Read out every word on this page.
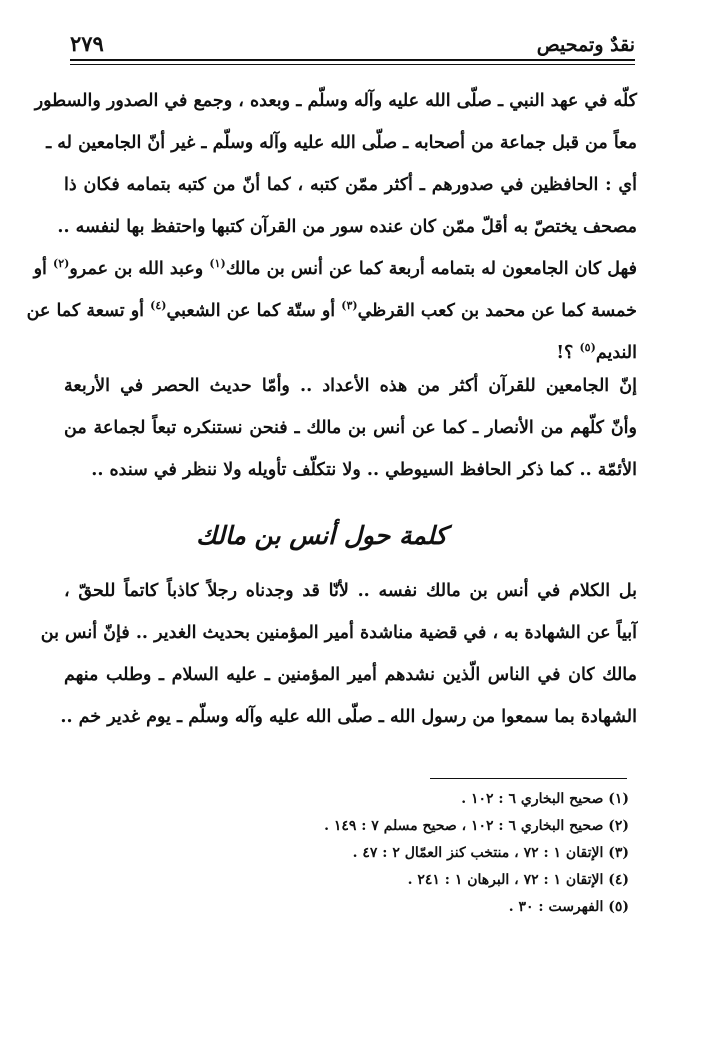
نقدٌ وتمحيص
٢٧٩
كلّه في عهد النبي ـ صلّى الله عليه وآله وسلّم ـ وبعده ، وجمع في الصدور والسطور
معاً من قبل جماعة من أصحابه ـ صلّى الله عليه وآله وسلّم ـ غير أنّ الجامعين له ـ
أي : الحافظين في صدورهم ـ أكثر ممّن كتبه ، كما أنّ من كتبه بتمامه فكان ذا
مصحف يختصّ به أقلّ ممّن كان عنده سور من القرآن كتبها واحتفظ بها لنفسه ..
فهل كان الجامعون له بتمامه أربعة كما عن أنس بن مالك$^{(١)}$ وعبد الله بن عمرو$^{(٢)}$ أو
خمسة كما عن محمد بن كعب القرظي$^{(٣)}$ أو ستّة كما عن الشعبي$^{(٤)}$ أو تسعة كما عن
النديم$^{(٥)}$ ؟!
إنّ الجامعين للقرآن أكثر من هذه الأعداد .. وأمّا حديث الحصر في الأربعة
وأنّ كلّهم من الأنصار ـ كما عن أنس بن مالك ـ فنحن نستنكره تبعاً لجماعة من
الأئمّة .. كما ذكر الحافظ السيوطي .. ولا نتكلّف تأويله ولا ننظر في سنده ..
كلمة حول أنس بن مالك
بل الكلام في أنس بن مالك نفسه .. لأنّا قد وجدناه رجلاً كاذباً كاتماً للحقّ ،
آبياً عن الشهادة به ، في قضية مناشدة أمير المؤمنين بحديث الغدير .. فإنّ أنس بن
مالك كان في الناس الّذين نشدهم أمير المؤمنين ـ عليه السلام ـ وطلب منهم
الشهادة بما سمعوا من رسول الله ـ صلّى الله عليه وآله وسلّم ـ يوم غدير خم ..
(١) صحيح البخاري ٦ : ١٠٢ .
(٢) صحيح البخاري ٦ : ١٠٢ ، صحيح مسلم ٧ : ١٤٩ .
(٣) الإتقان ١ : ٧٢ ، منتخب كنز العمّال ٢ : ٤٧ .
(٤) الإتقان ١ : ٧٢ ، البرهان ١ : ٢٤١ .
(٥) الفهرست : ٣٠ .
